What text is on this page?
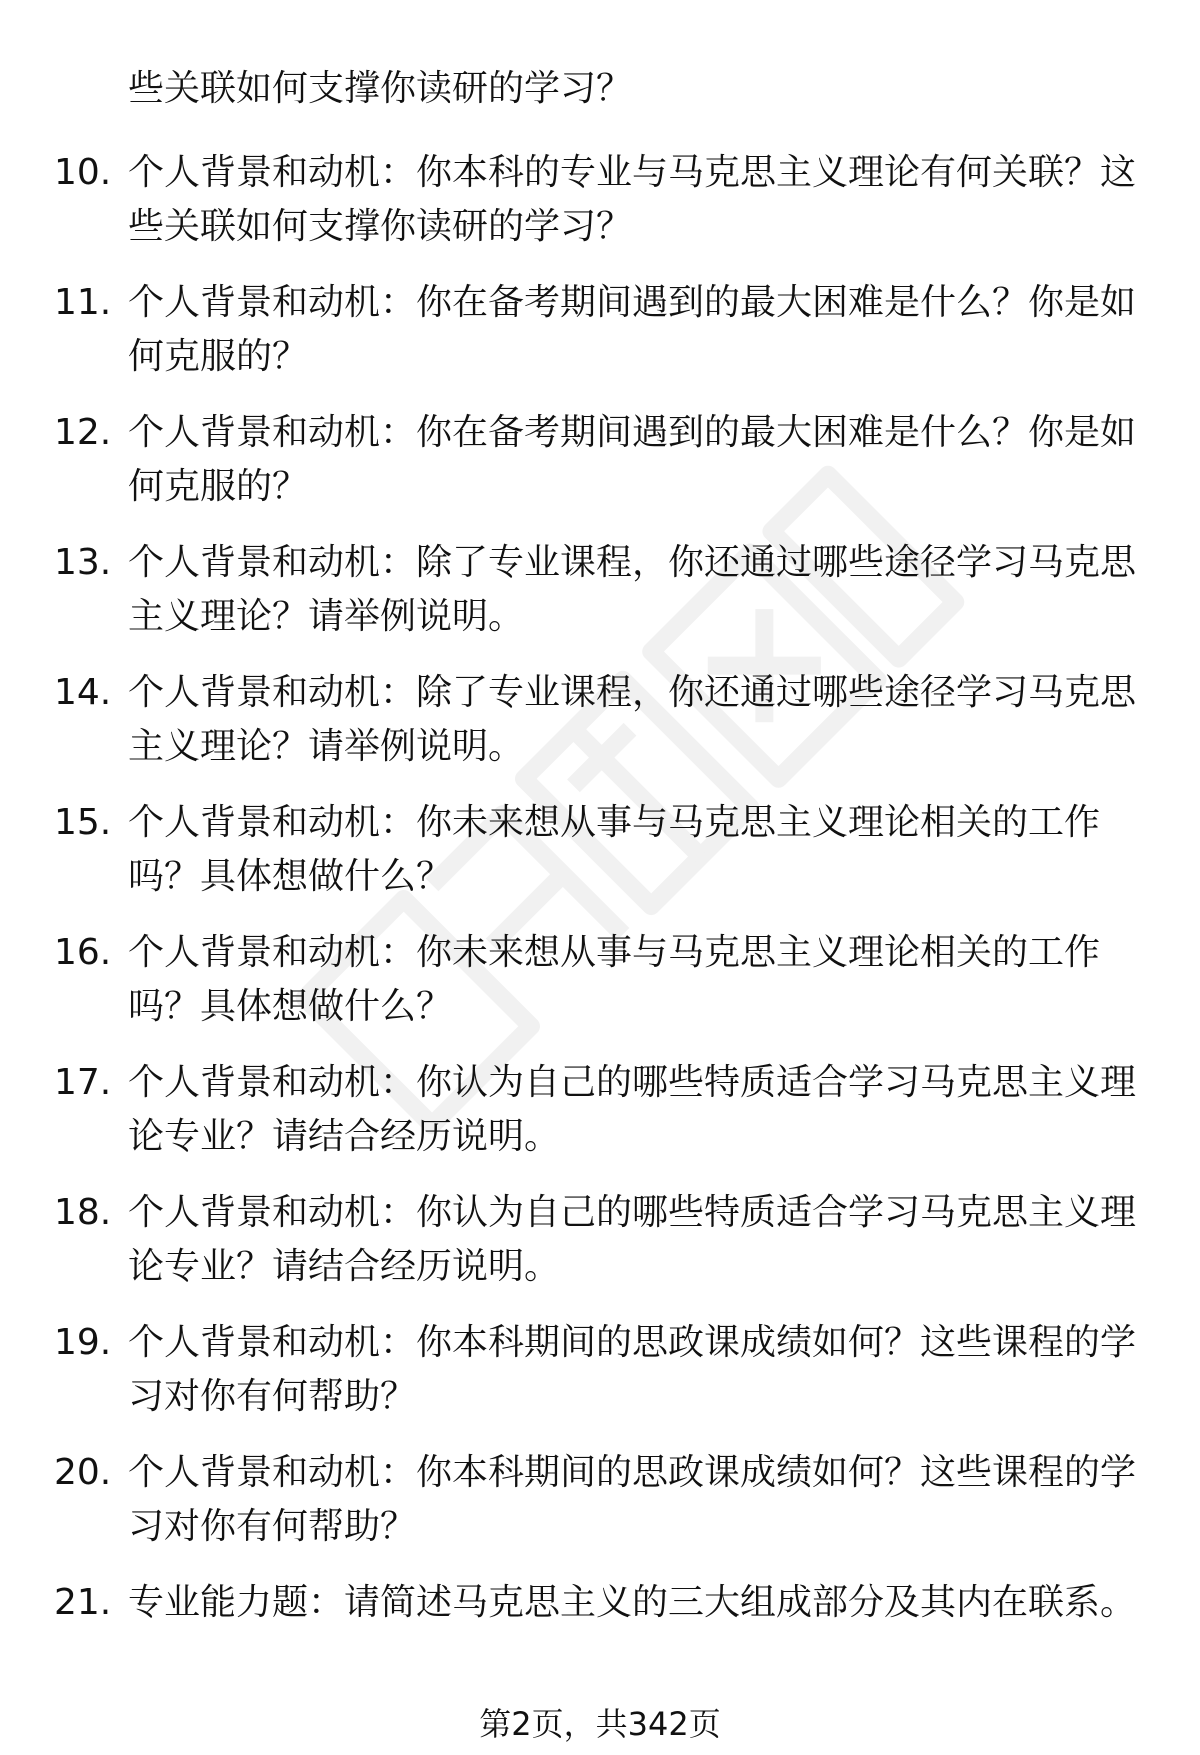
些关联如何支撑你读研的学习？

10. 个人背景和动机：你本科的专业与马克思主义理论有何关联？这些关联如何支撑你读研的学习？
11. 个人背景和动机：你在备考期间遇到的最大困难是什么？你是如何克服的？
12. 个人背景和动机：你在备考期间遇到的最大困难是什么？你是如何克服的？
13. 个人背景和动机：除了专业课程，你还通过哪些途径学习马克思主义理论？请举例说明。
14. 个人背景和动机：除了专业课程，你还通过哪些途径学习马克思主义理论？请举例说明。
15. 个人背景和动机：你未来想从事与马克思主义理论相关的工作吗？具体想做什么？
16. 个人背景和动机：你未来想从事与马克思主义理论相关的工作吗？具体想做什么？
17. 个人背景和动机：你认为自己的哪些特质适合学习马克思主义理论专业？请结合经历说明。
18. 个人背景和动机：你认为自己的哪些特质适合学习马克思主义理论专业？请结合经历说明。
19. 个人背景和动机：你本科期间的思政课成绩如何？这些课程的学习对你有何帮助？
20. 个人背景和动机：你本科期间的思政课成绩如何？这些课程的学习对你有何帮助？
21. 专业能力题：请简述马克思主义的三大组成部分及其内在联系。
第2页，共342页
